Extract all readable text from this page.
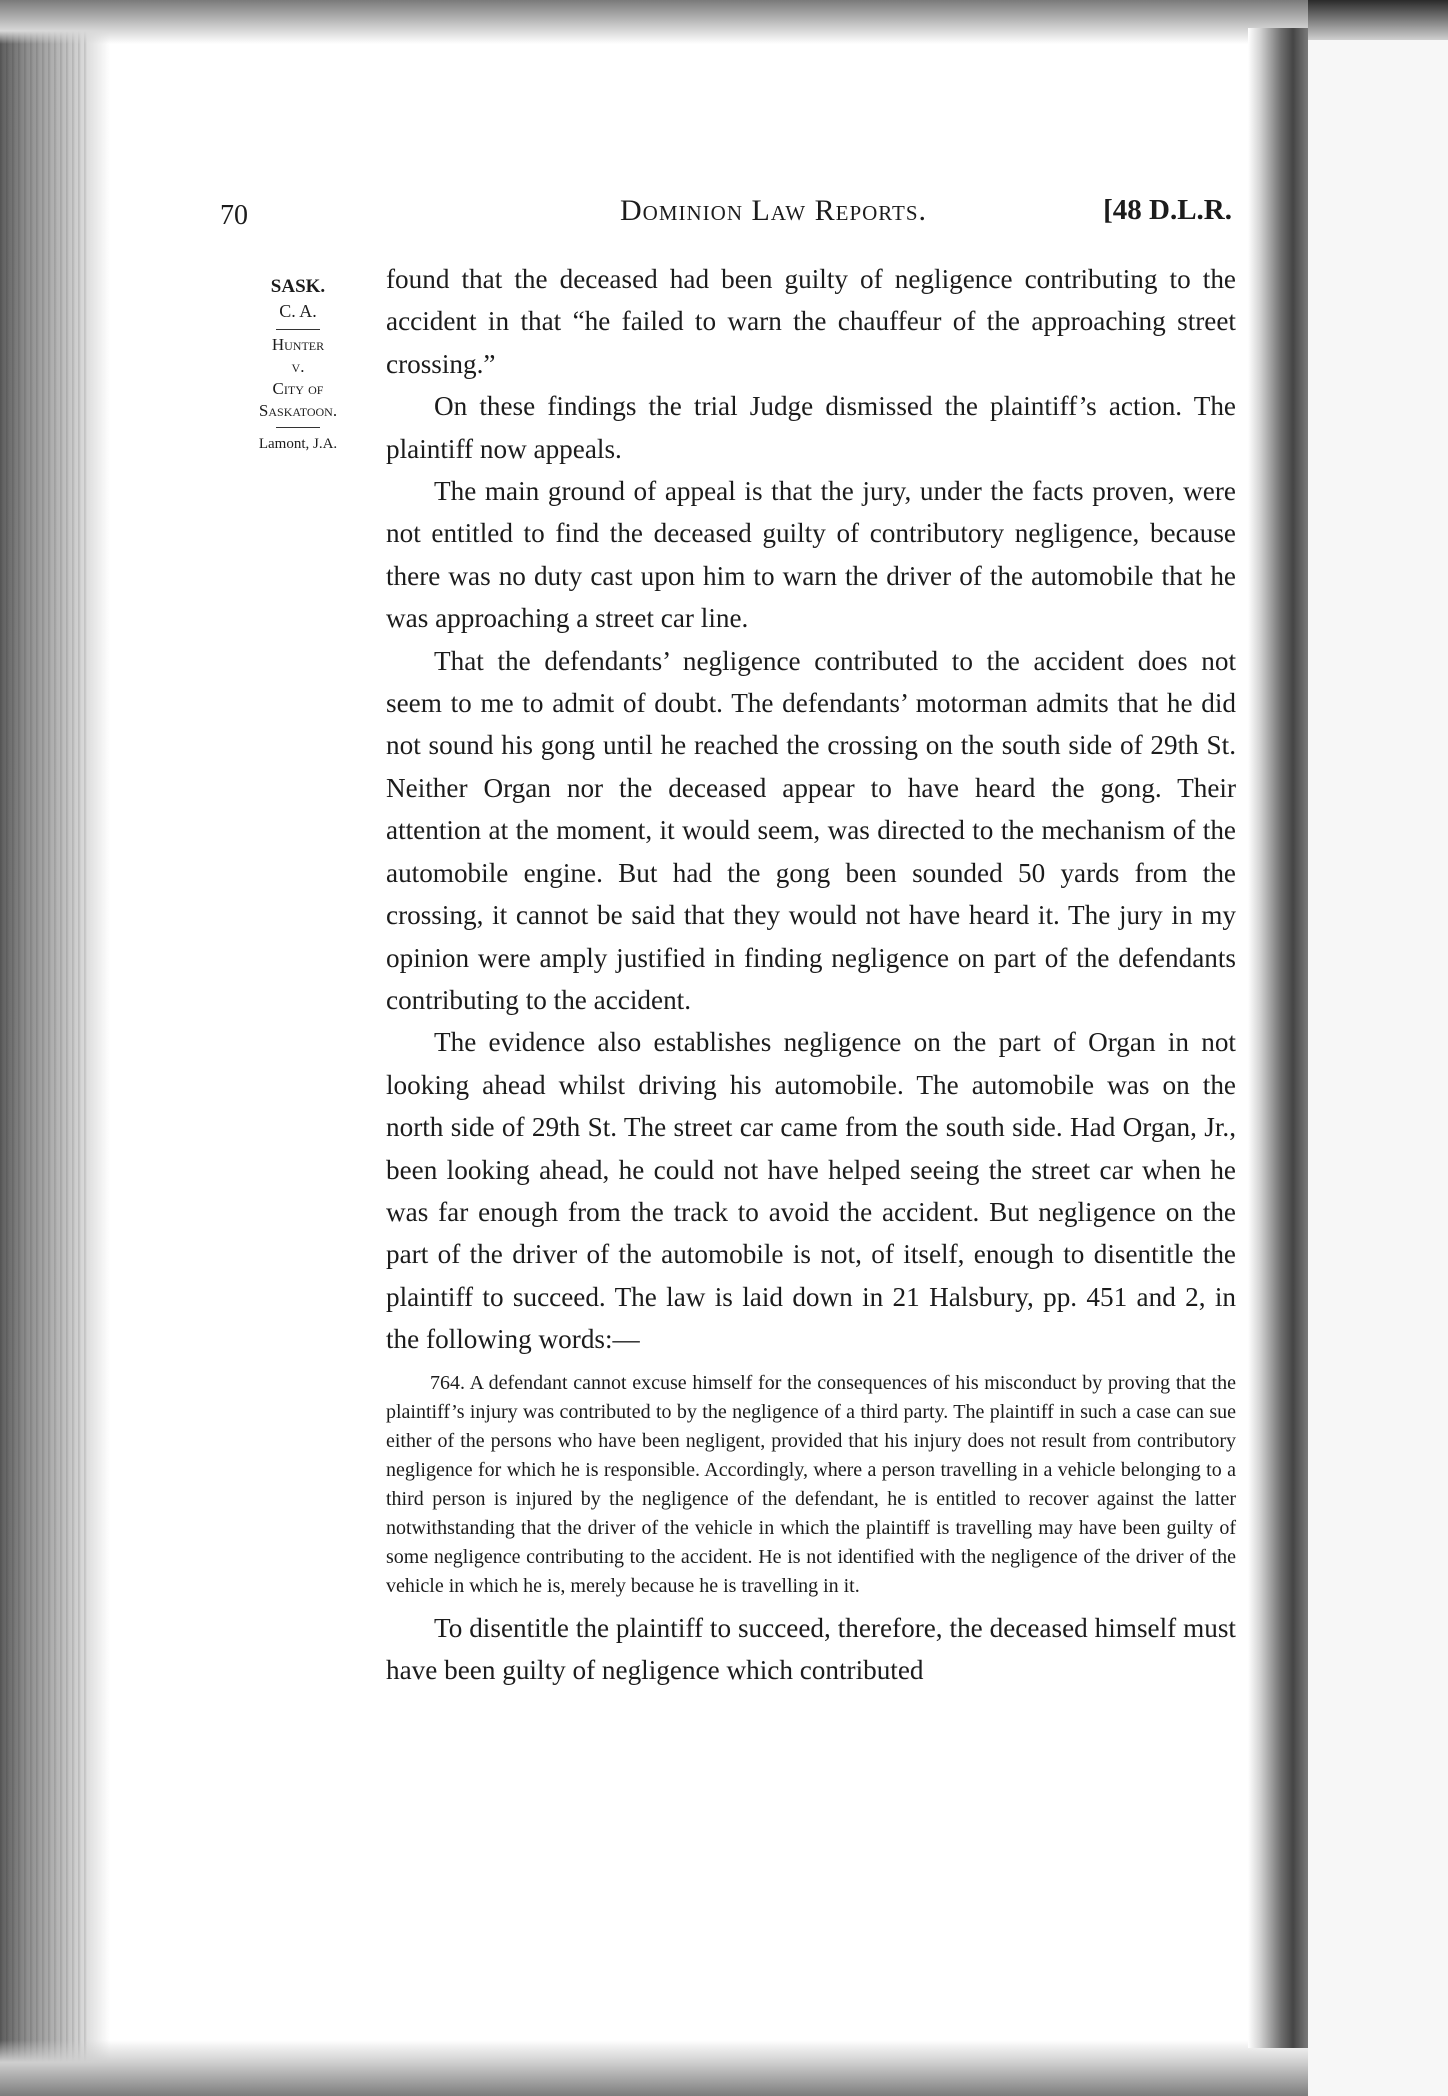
70	Dominion Law Reports.	[48 D.L.R.
SASK.
C. A.
Hunter
v.
City of
Saskatoon.
Lamont, J.A.

found that the deceased had been guilty of negligence contributing to the accident in that “he failed to warn the chauffeur of the approaching street crossing.”

On these findings the trial Judge dismissed the plaintiff’s action. The plaintiff now appeals.

The main ground of appeal is that the jury, under the facts proven, were not entitled to find the deceased guilty of contributory negligence, because there was no duty cast upon him to warn the driver of the automobile that he was approaching a street car line.

That the defendants’ negligence contributed to the accident does not seem to me to admit of doubt. The defendants’ motorman admits that he did not sound his gong until he reached the crossing on the south side of 29th St. Neither Organ nor the deceased appear to have heard the gong. Their attention at the moment, it would seem, was directed to the mechanism of the automobile engine. But had the gong been sounded 50 yards from the crossing, it cannot be said that they would not have heard it. The jury in my opinion were amply justified in finding negligence on part of the defendants contributing to the accident.

The evidence also establishes negligence on the part of Organ in not looking ahead whilst driving his automobile. The automobile was on the north side of 29th St. The street car came from the south side. Had Organ, Jr., been looking ahead, he could not have helped seeing the street car when he was far enough from the track to avoid the accident. But negligence on the part of the driver of the automobile is not, of itself, enough to disentitle the plaintiff to succeed. The law is laid down in 21 Halsbury, pp. 451 and 2, in the following words:—

764. A defendant cannot excuse himself for the consequences of his misconduct by proving that the plaintiff’s injury was contributed to by the negligence of a third party. The plaintiff in such a case can sue either of the persons who have been negligent, provided that his injury does not result from contributory negligence for which he is responsible. Accordingly, where a person travelling in a vehicle belonging to a third person is injured by the negligence of the defendant, he is entitled to recover against the latter notwithstanding that the driver of the vehicle in which the plaintiff is travelling may have been guilty of some negligence contributing to the accident. He is not identified with the negligence of the driver of the vehicle in which he is, merely because he is travelling in it.

To disentitle the plaintiff to succeed, therefore, the deceased himself must have been guilty of negligence which contributed
